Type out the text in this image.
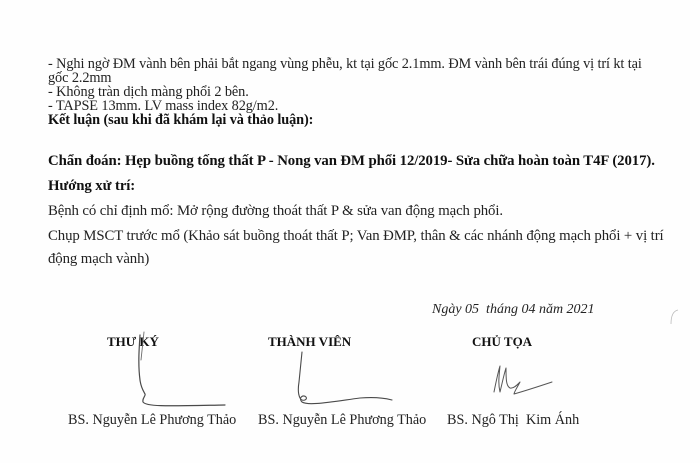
- Nghi ngờ ĐM vành bên phải bắt ngang vùng phễu, kt tại gốc 2.1mm. ĐM vành bên trái đúng vị trí kt tại
gốc 2.2mm
- Không tràn dịch màng phổi 2 bên.
- TAPSE 13mm. LV mass index 82g/m2.
Kết luận (sau khi đã khám lại và thảo luận):
Chẩn đoán: Hẹp buồng tống thất P - Nong van ĐM phổi 12/2019- Sửa chữa hoàn toàn T4F (2017).
Hướng xử trí:
Bệnh có chỉ định mổ: Mở rộng đường thoát thất P & sửa van động mạch phổi.
Chụp MSCT trước mổ (Khảo sát buồng thoát thất P; Van ĐMP, thân & các nhánh động mạch phổi + vị trí
động mạch vành)
Ngày 05  tháng 04 năm 2021
THƯ KÝ	THÀNH VIÊN	CHỦ TỌA
BS. Nguyễn Lê Phương Thảo BS. Nguyễn Lê Phương Thảo BS. Ngô Thị  Kim Ánh
